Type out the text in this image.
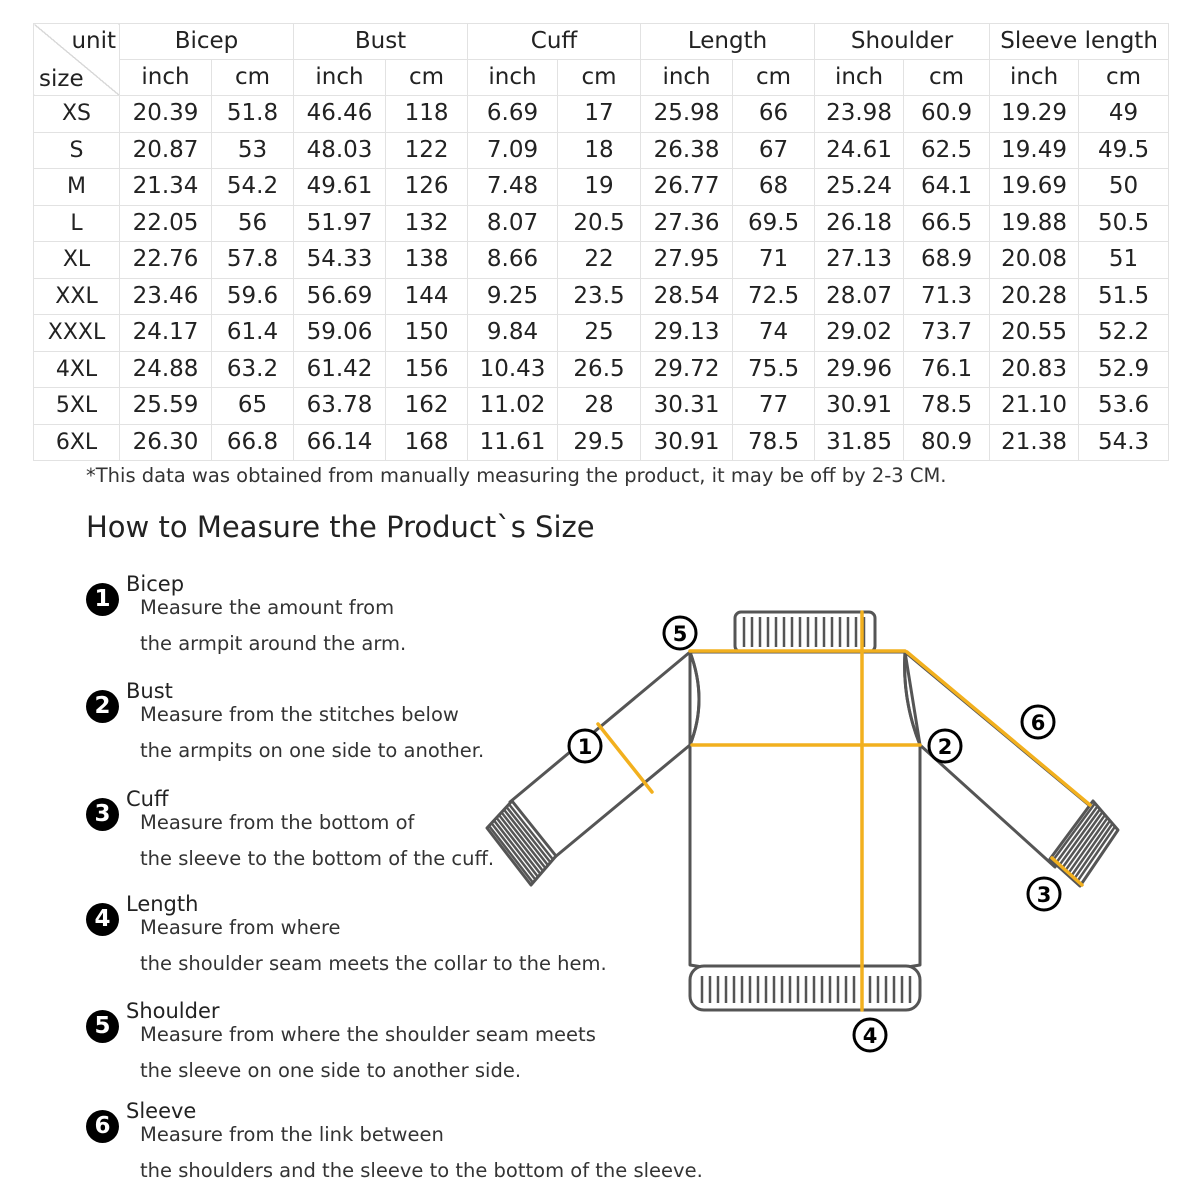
unit
size	Bicep		Bust		Cuff		Length		Shoulder		Sleeve length	
	inch	cm	inch	cm	inch	cm	inch	cm	inch	cm	inch	cm
XS	20.39	51.8	46.46	118	6.69	17	25.98	66	23.98	60.9	19.29	49
S	20.87	53	48.03	122	7.09	18	26.38	67	24.61	62.5	19.49	49.5
M	21.34	54.2	49.61	126	7.48	19	26.77	68	25.24	64.1	19.69	50
L	22.05	56	51.97	132	8.07	20.5	27.36	69.5	26.18	66.5	19.88	50.5
XL	22.76	57.8	54.33	138	8.66	22	27.95	71	27.13	68.9	20.08	51
XXL	23.46	59.6	56.69	144	9.25	23.5	28.54	72.5	28.07	71.3	20.28	51.5
XXXL	24.17	61.4	59.06	150	9.84	25	29.13	74	29.02	73.7	20.55	52.2
4XL	24.88	63.2	61.42	156	10.43	26.5	29.72	75.5	29.96	76.1	20.83	52.9
5XL	25.59	65	63.78	162	11.02	28	30.31	77	30.91	78.5	21.10	53.6
6XL	26.30	66.8	66.14	168	11.61	29.5	30.91	78.5	31.85	80.9	21.38	54.3
*This data was obtained from manually measuring the product, it may be off by 2-3 CM.
How to Measure the Product`s Size
1
Bicep
Measure the amount from
the armpit around the arm.
2
Bust
Measure from the stitches below
the armpits on one side to another.
3
Cuff
Measure from the bottom of
the sleeve to the bottom of the cuff.
4
Length
Measure from where
the shoulder seam meets the collar to the hem.
5
Shoulder
Measure from where the shoulder seam meets
the sleeve on one side to another side.
6
Sleeve
Measure from the link between
the shoulders and the sleeve to the bottom of the sleeve.
5
1	2
6
3
4
